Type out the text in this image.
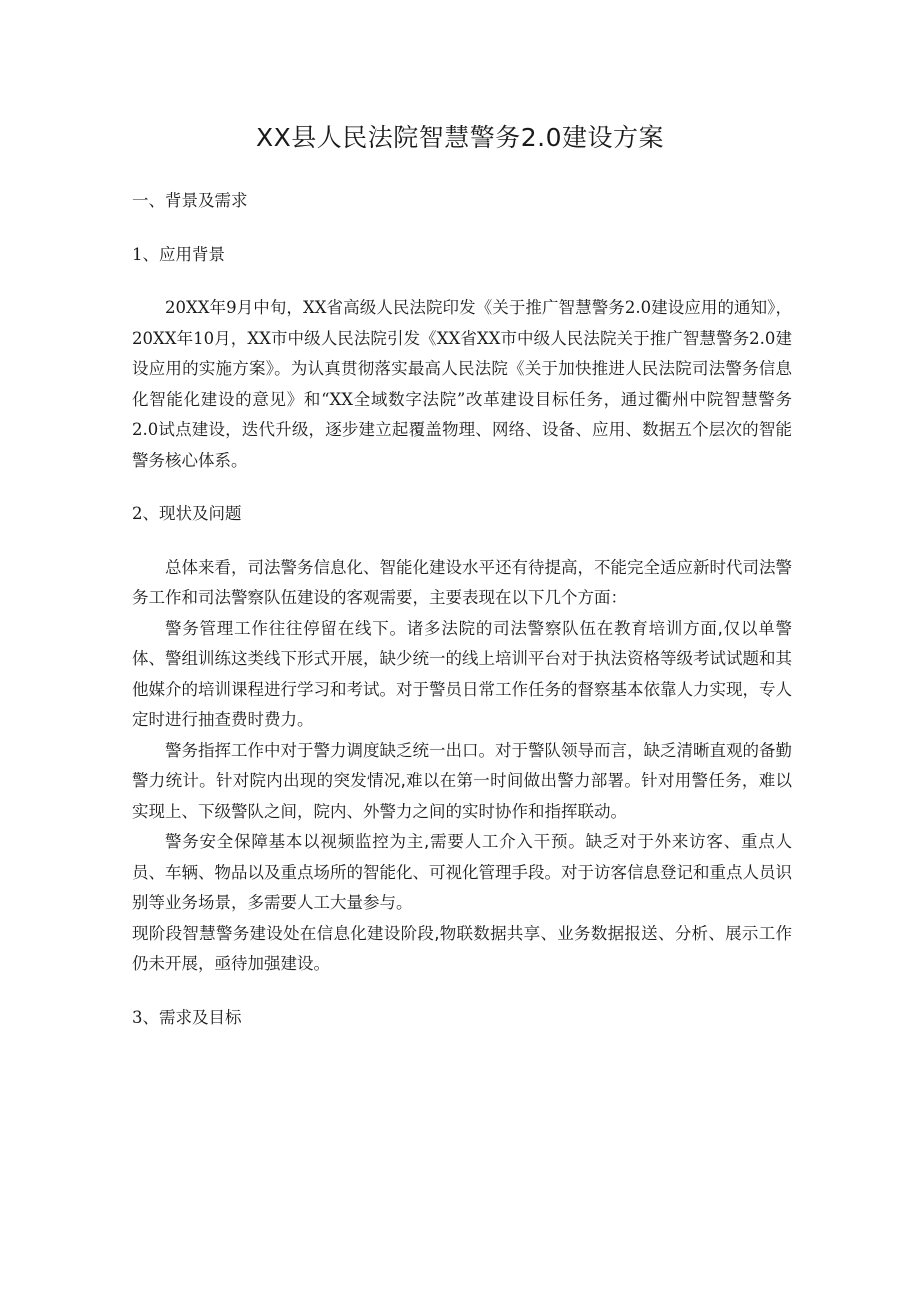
XX县人民法院智慧警务2.0建设方案

一、背景及需求

1、应用背景

20XX年9月中旬，XX省高级人民法院印发《关于推广智慧警务2.0建设应用的通知》，20XX年10月，XX市中级人民法院引发《XX省XX市中级人民法院关于推广智慧警务2.0建设应用的实施方案》。为认真贯彻落实最高人民法院《关于加快推进人民法院司法警务信息化智能化建设的意见》和“XX全域数字法院”改革建设目标任务，通过衢州中院智慧警务2.0试点建设，迭代升级，逐步建立起覆盖物理、网络、设备、应用、数据五个层次的智能警务核心体系。

2、现状及问题

总体来看，司法警务信息化、智能化建设水平还有待提高，不能完全适应新时代司法警务工作和司法警察队伍建设的客观需要，主要表现在以下几个方面：

警务管理工作往往停留在线下。诸多法院的司法警察队伍在教育培训方面,仅以单警体、警组训练这类线下形式开展，缺少统一的线上培训平台对于执法资格等级考试试题和其他媒介的培训课程进行学习和考试。对于警员日常工作任务的督察基本依靠人力实现，专人定时进行抽查费时费力。

警务指挥工作中对于警力调度缺乏统一出口。对于警队领导而言，缺乏清晰直观的备勤警力统计。针对院内出现的突发情况,难以在第一时间做出警力部署。针对用警任务，难以实现上、下级警队之间，院内、外警力之间的实时协作和指挥联动。

警务安全保障基本以视频监控为主,需要人工介入干预。缺乏对于外来访客、重点人员、车辆、物品以及重点场所的智能化、可视化管理手段。对于访客信息登记和重点人员识别等业务场景，多需要人工大量参与。

现阶段智慧警务建设处在信息化建设阶段,物联数据共享、业务数据报送、分析、展示工作仍未开展，亟待加强建设。

3、需求及目标
